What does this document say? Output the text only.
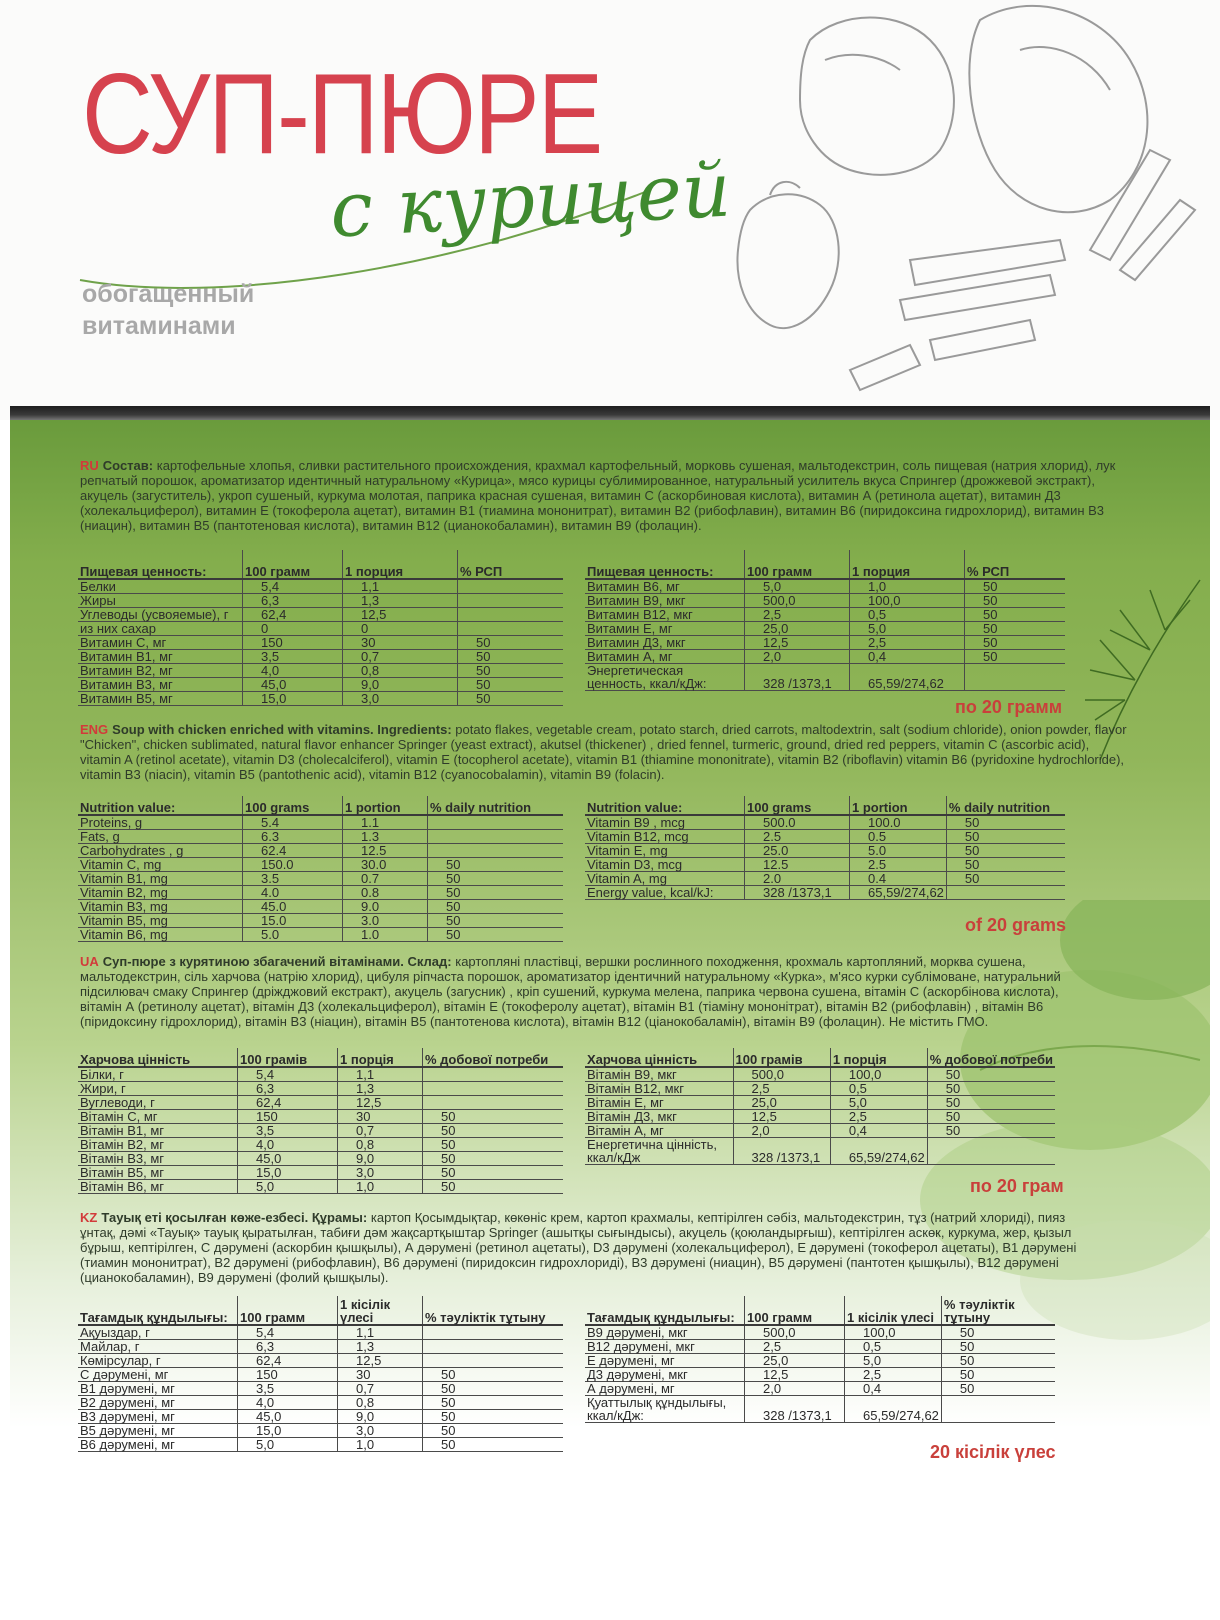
СУП-ПЮРЕ
с курицей
обогащенный
витаминами
RU Состав: картофельные хлопья, сливки растительного происхождения, крахмал картофельный, морковь сушеная, мальтодекстрин, соль пищевая (натрия хлорид), лук репчатый порошок, ароматизатор идентичный натуральному «Курица», мясо курицы сублимированное, натуральный усилитель вкуса Спрингер (дрожжевой экстракт), акуцель (загуститель), укроп сушеный, куркума молотая, паприка красная сушеная, витамин С (аскорбиновая кислота), витамин А (ретинола ацетат), витамин Д3 (холекальциферол), витамин Е (токоферола ацетат), витамин В1 (тиамина мононитрат), витамин В2 (рибофлавин), витамин В6 (пиридоксина гидрохлорид), витамин В3 (ниацин), витамин В5 (пантотеновая кислота), витамин В12 (цианокобаламин), витамин В9 (фолацин).
Пищевая ценность:	100 грамм	1 порция	% РСП
Белки	5,4	1,1	
Жиры	6,3	1,3	
Углеводы (усвояемые), г	62,4	12,5	
из них сахар	0	0	
Витамин С, мг	150	30	50
Витамин В1, мг	3,5	0,7	50
Витамин В2, мг	4,0	0,8	50
Витамин В3, мг	45,0	9,0	50
Витамин В5, мг	15,0	3,0	50
Пищевая ценность:	100 грамм	1 порция	% РСП
Витамин В6, мг	5,0	1,0	50
Витамин В9, мкг	500,0	100,0	50
Витамин В12, мкг	2,5	0,5	50
Витамин Е, мг	25,0	5,0	50
Витамин Д3, мкг	12,5	2,5	50
Витамин А, мг	2,0	0,4	50
Энергетическая ценность, ккал/кДж:	328 /1373,1	65,59/274,62	
по 20 грамм
ENG Soup with chicken enriched with vitamins. Ingredients: potato flakes, vegetable cream, potato starch, dried carrots, maltodextrin, salt (sodium chloride), onion powder, flavor "Chicken", chicken sublimated, natural flavor enhancer Springer (yeast extract), akutsel (thickener) , dried fennel, turmeric, ground, dried red peppers, vitamin C (ascorbic acid), vitamin A (retinol acetate), vitamin D3 (cholecalciferol), vitamin E (tocopherol acetate), vitamin B1 (thiamine mononitrate), vitamin B2 (riboflavin) vitamin B6 (pyridoxine hydrochloride), vitamin B3 (niacin), vitamin B5 (pantothenic acid), vitamin B12 (cyanocobalamin), vitamin B9 (folacin).
Nutrition value:	100 grams	1 portion	% daily nutrition
Proteins, g	5.4	1.1	
Fats, g	6.3	1.3	
Carbohydrates , g	62.4	12.5	
Vitamin C, mg	150.0	30.0	50
Vitamin B1, mg	3.5	0.7	50
Vitamin B2, mg	4.0	0.8	50
Vitamin B3, mg	45.0	9.0	50
Vitamin B5, mg	15.0	3.0	50
Vitamin B6, mg	5.0	1.0	50
Nutrition value:	100 grams	1 portion	% daily nutrition
Vitamin B9 , mcg	500.0	100.0	50
Vitamin B12, mcg	2.5	0.5	50
Vitamin E, mg	25.0	5.0	50
Vitamin D3, mcg	12.5	2.5	50
Vitamin A, mg	2.0	0.4	50
Energy value, kcal/kJ:	328 /1373,1	65,59/274,62	
of 20 grams
UA Суп-пюре з курятиною збагачений вітамінами. Склад: картопляні пластівці, вершки рослинного походження, крохмаль картопляний, морква сушена, мальтодекстрин, сіль харчова (натрію хлорид), цибуля ріпчаста порошок, ароматизатор ідентичний натуральному «Курка», м'ясо курки сублімоване, натуральний підсилювач смаку Спрингер (дріжджовий екстракт), акуцель (загусник) , кріп сушений, куркума мелена, паприка червона сушена, вітамін С (аскорбінова кислота), вітамін А (ретинолу ацетат), вітамін Д3 (холекальциферол), вітамін Е (токоферолу ацетат), вітамін В1 (тіаміну мононітрат), вітамін В2 (рибофлавін) , вітамін В6 (піридоксину гідрохлорид), вітамін В3 (ніацин), вітамін В5 (пантотенова кислота), вітамін В12 (ціанокобаламін), вітамін В9 (фолацин). Не містить ГМО.
Харчова цінність	100 грамів	1 порція	% добової потреби
Білки, г	5,4	1,1	
Жири, г	6,3	1,3	
Вуглеводи, г	62,4	12,5	
Вітамін С, мг	150	30	50
Вітамін В1, мг	3,5	0,7	50
Вітамін В2, мг	4,0	0,8	50
Вітамін В3, мг	45,0	9,0	50
Вітамін В5, мг	15,0	3,0	50
Вітамін В6, мг	5,0	1,0	50
Харчова цінність	100 грамів	1 порція	% добової потреби
Вітамін В9, мкг	500,0	100,0	50
Вітамін В12, мкг	2,5	0,5	50
Вітамін Е, мг	25,0	5,0	50
Вітамін Д3, мкг	12,5	2,5	50
Вітамін А, мг	2,0	0,4	50
Енергетична цінність, ккал/кДж	328 /1373,1	65,59/274,62	
по 20 грам
KZ Тауық еті қосылған көже-езбесі. Құрамы: картоп Қосымдықтар, көкөніс крем, картоп крахмалы, кептірілген сәбіз, мальтодекстрин, тұз (натрий хлориді), пияз ұнтақ, дәмі «Тауық» тауық қыратылған, табиғи дәм жақсартқыштар Springer (ашытқы сығындысы), акуцель (қоюландырғыш), кептірілген аскөк, куркума, жер, қызыл бұрыш, кептірілген, С дәрумені (аскорбин қышқылы), А дәрумені (ретинол ацетаты), D3 дәрумені (холекальциферол), Е дәрумені (токоферол ацетаты), В1 дәрумені (тиамин мононитрат), В2 дәрумені (рибофлавин), В6 дәрумені (пиридоксин гидрохлориді), В3 дәрумені (ниацин), В5 дәрумені (пантотен қышқылы), В12 дәрумені (цианокобаламин), В9 дәрумені (фолий қышқылы).
Тағамдық құндылығы:	100 грамм	1 кісілік үлесі	% тәуліктік тұтыну
Ақуыздар, г	5,4	1,1	
Майлар, г	6,3	1,3	
Көмірсулар, г	62,4	12,5	
С дәрумені, мг	150	30	50
В1 дәрумені, мг	3,5	0,7	50
В2 дәрумені, мг	4,0	0,8	50
В3 дәрумені, мг	45,0	9,0	50
В5 дәрумені, мг	15,0	3,0	50
В6 дәрумені, мг	5,0	1,0	50
Тағамдық құндылығы:	100 грамм	1 кісілік үлесі	% тәуліктік тұтыну
В9 дәрумені, мкг	500,0	100,0	50
В12 дәрумені, мкг	2,5	0,5	50
Е дәрумені, мг	25,0	5,0	50
Д3 дәрумені, мкг	12,5	2,5	50
А дәрумені, мг	2,0	0,4	50
Қуаттылық құндылығы, ккал/кДж:	328 /1373,1	65,59/274,62	
20 кісілік үлес
